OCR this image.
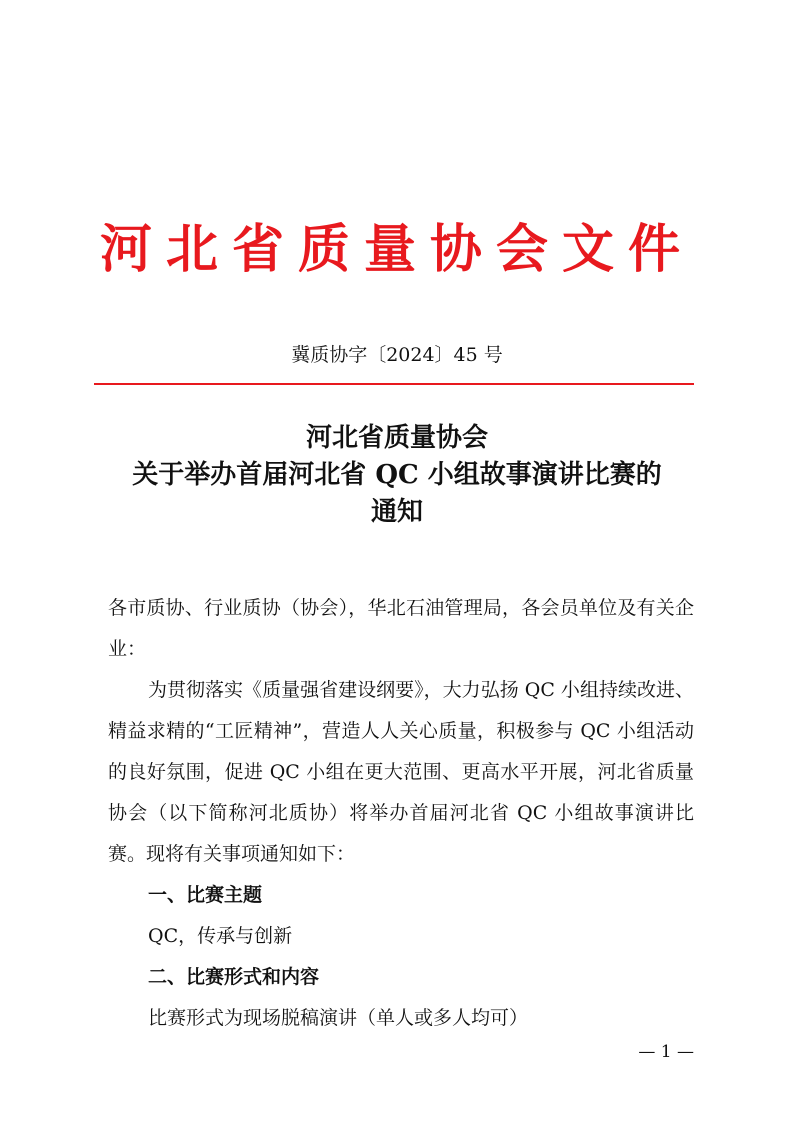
河北省质量协会文件
冀质协字〔2024〕45 号
河北省质量协会
关于举办首届河北省 QC 小组故事演讲比赛的
通知

各市质协、行业质协（协会），华北石油管理局，各会员单位及有关企业：

为贯彻落实《质量强省建设纲要》，大力弘扬 QC 小组持续改进、精益求精的“工匠精神”，营造人人关心质量，积极参与 QC 小组活动的良好氛围，促进 QC 小组在更大范围、更高水平开展，河北省质量协会（以下简称河北质协）将举办首届河北省 QC 小组故事演讲比赛。现将有关事项通知如下：

一、比赛主题

QC，传承与创新

二、比赛形式和内容

比赛形式为现场脱稿演讲（单人或多人均可）

— 1 —
